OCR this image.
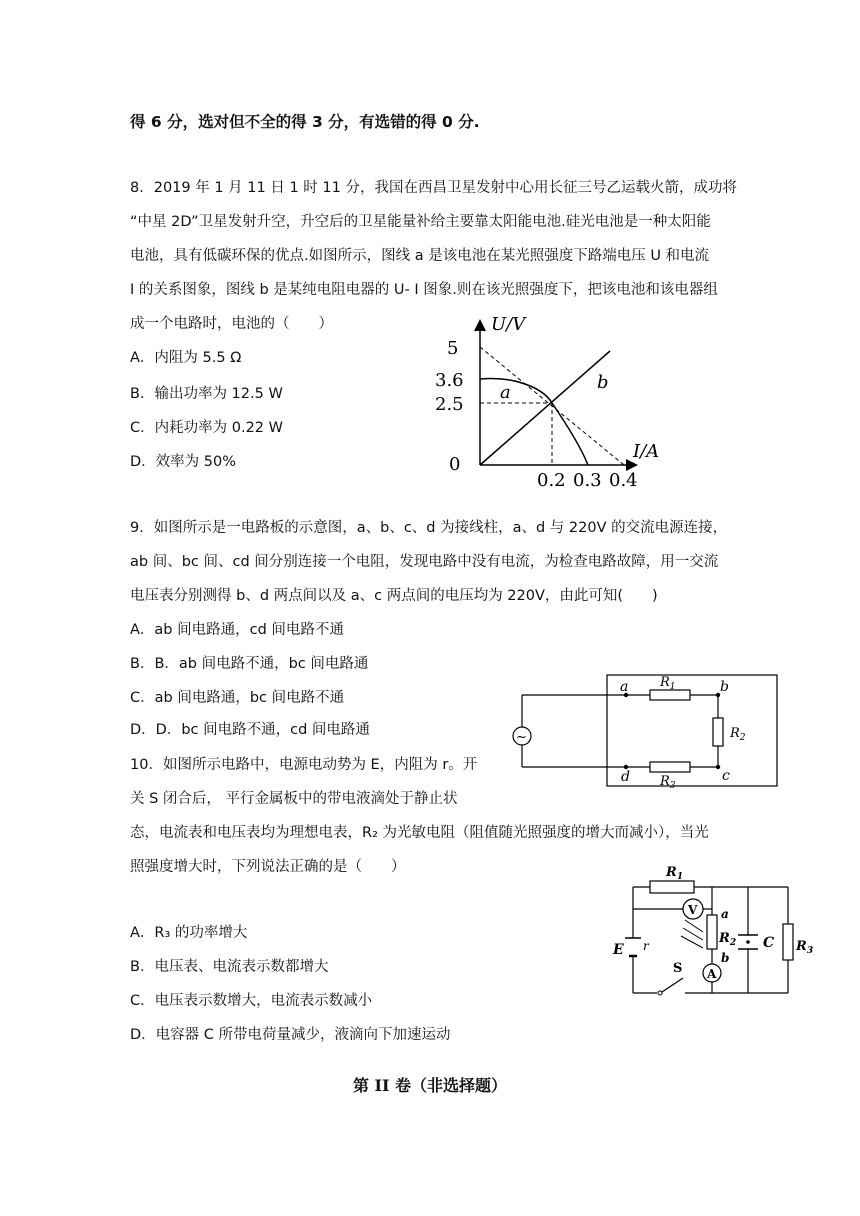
得 6 分，选对但不全的得 3 分，有选错的得 0 分.
8．2019 年 1 月 11 日 1 时 11 分，我国在西昌卫星发射中心用长征三号乙运载火箭，成功将
“中星 2D”卫星发射升空，升空后的卫星能量补给主要靠太阳能电池.硅光电池是一种太阳能
电池，具有低碳环保的优点.如图所示，图线 a 是该电池在某光照强度下路端电压 U 和电流
I 的关系图象，图线 b 是某纯电阻电器的 U- I 图象.则在该光照强度下，把该电池和该电器组
成一个电路时，电池的（　　）
A．内阻为 5.5 Ω
B．输出功率为 12.5 W
C．内耗功率为 0.22 W
D．效率为 50%
U/V
I/A
5
3.6
2.5
0
0.2 0.3 0.4
a	b
9．如图所示是一电路板的示意图，a、b、c、d 为接线柱，a、d 与 220V 的交流电源连接，
ab 间、bc 间、cd 间分别连接一个电阻，发现电路中没有电流，为检查电路故障，用一交流
电压表分别测得 b、d 两点间以及 a、c 两点间的电压均为 220V，由此可知(　　)
A．ab 间电路通，cd 间电路不通
B．B．ab 间电路不通，bc 间电路通
C．ab 间电路通，bc 间电路不通
D．D．bc 间电路不通，cd 间电路通	~
a	b
c
d
$R_1$
$R_2$
$R_3$
10．如图所示电路中，电源电动势为 E，内阻为 r。开
关 S 闭合后， 平行金属板中的带电液滴处于静止状
态，电流表和电压表均为理想电表，R₂ 为光敏电阻（阻值随光照强度的增大而减小），当光
照强度增大时，下列说法正确的是（　　）
A．R₃ 的功率增大
B．电压表、电流表示数都增大
C．电压表示数增大，电流表示数减小
D．电容器 C 所带电荷量减少，液滴向下加速运动
V
A
$R_1$
$R_2$	$R_3$
a
b
C
E r
S
第 II 卷（非选择题）
